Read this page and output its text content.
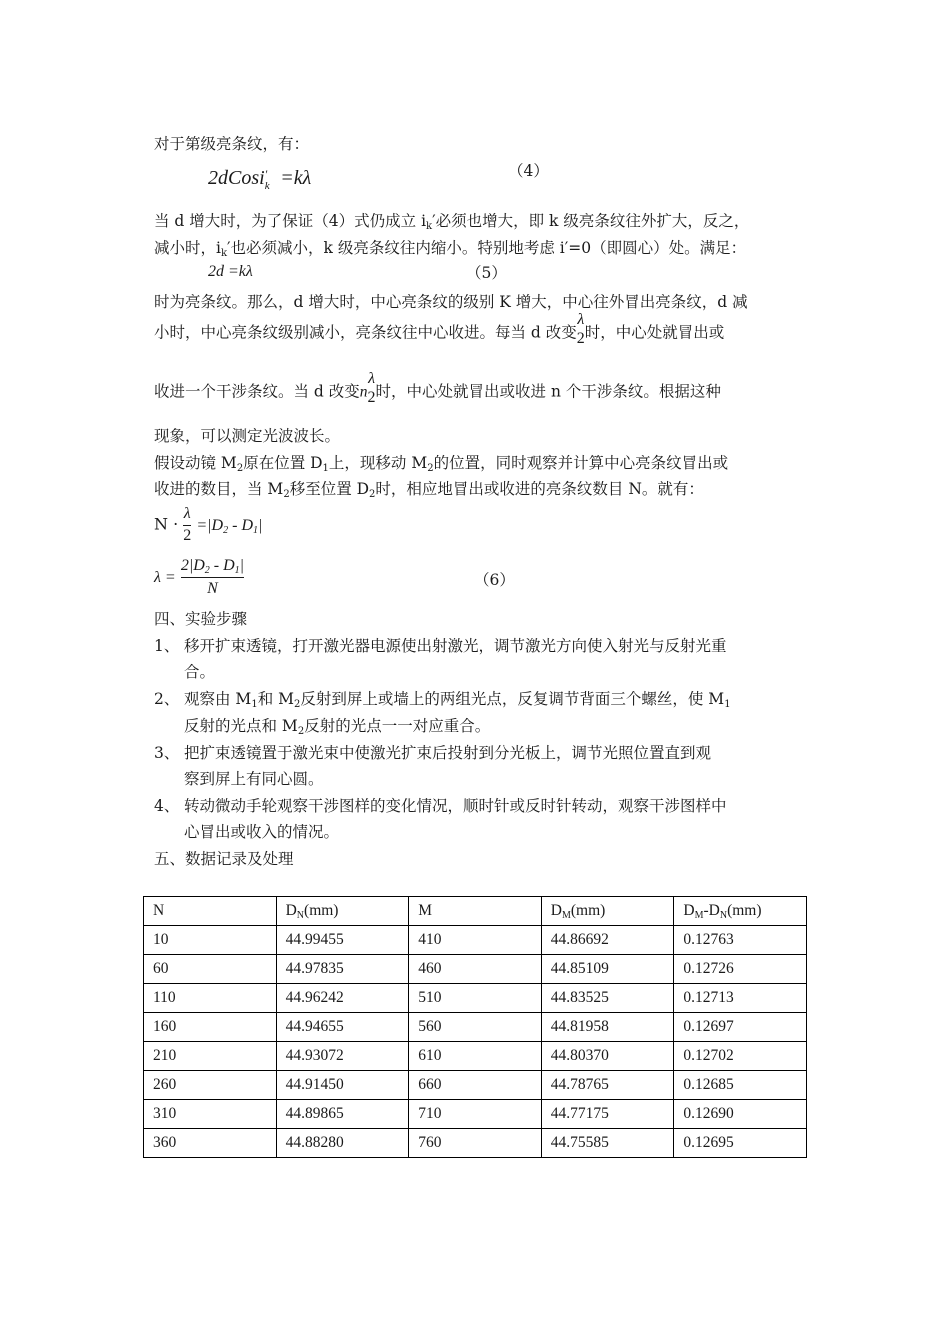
对于第级亮条纹，有：
2dCosi$_k$′ =kλ	（4）
当 d 增大时，为了保证（4）式仍成立 $i_k'$必须也增大，即 k 级亮条纹往外扩大，反之，
减小时，$i_k'$也必须减小，k 级亮条纹往内缩小。特别地考虑 i′=0（即圆心）处。满足：
2d =kλ	（5）
时为亮条纹。那么，d 增大时，中心亮条纹的级别 K 增大，中心往外冒出亮条纹，d 减
小时，中心亮条纹级别减小，亮条纹往中心收进。每当 d 改变
λ
2 时，中心处就冒出或
收进一个干涉条纹。当 d 改变n
λ
2 时，中心处就冒出或收进 n 个干涉条纹。根据这种
现象，可以测定光波波长。
假设动镜 $M_2$原在位置 $D_1$上，现移动 $M_2$的位置，同时观察并计算中心亮条纹冒出或
收进的数目，当 $M_2$移至位置 $D_2$时，相应地冒出或收进的亮条纹数目 N。就有：
$N \cdot \frac{\lambda}{2} =|D_2 - D_1|$
$\lambda = \frac{2|D_2 - D_1|}{N}$	（6）
四、实验步骤
1、 移开扩束透镜，打开激光器电源使出射激光，调节激光方向使入射光与反射光重
合。
2、 观察由 $M_1$和 $M_2$反射到屏上或墙上的两组光点，反复调节背面三个螺丝，使 $M_1$
反射的光点和 $M_2$反射的光点一一对应重合。
3、 把扩束透镜置于激光束中使激光扩束后投射到分光板上，调节光照位置直到观
察到屏上有同心圆。
4、 转动微动手轮观察干涉图样的变化情况，顺时针或反时针转动，观察干涉图样中
心冒出或收入的情况。
五、数据记录及处理
N	$D_N(mm)$	M	$D_M(mm)$	$D_M-D_N(mm)$
10	44.99455	410	44.86692	0.12763
60	44.97835	460	44.85109	0.12726
110	44.96242	510	44.83525	0.12713
160	44.94655	560	44.81958	0.12697
210	44.93072	610	44.80370	0.12702
260	44.91450	660	44.78765	0.12685
310	44.89865	710	44.77175	0.12690
360	44.88280	760	44.75585	0.12695
